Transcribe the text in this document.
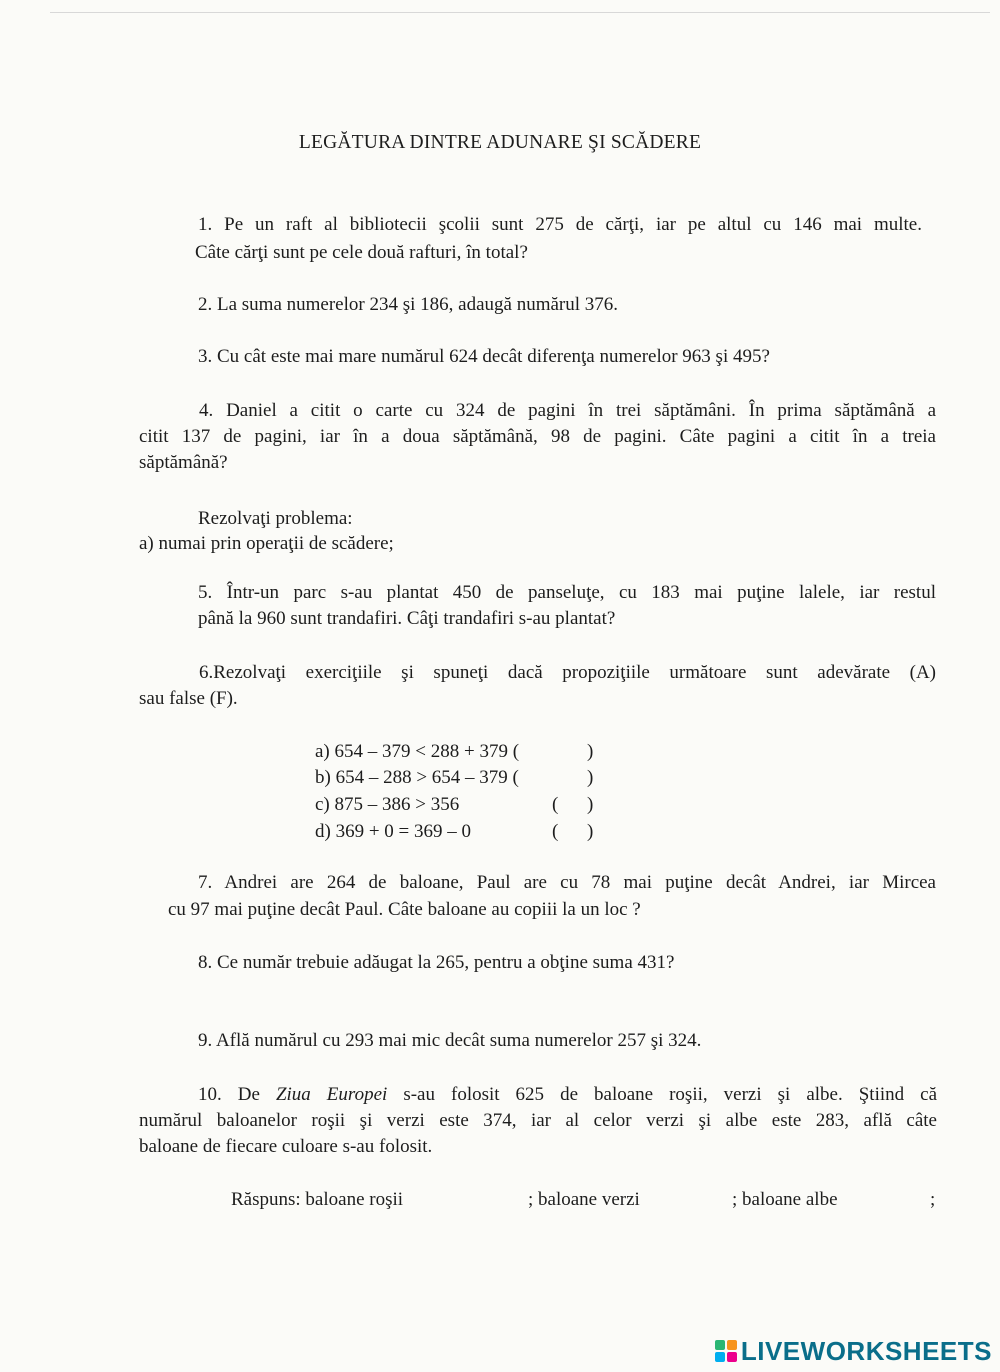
LEGĂTURA DINTRE ADUNARE ŞI SCĂDERE
1. Pe un raft al bibliotecii şcolii sunt 275 de cărţi, iar pe altul cu 146 mai multe.
Câte cărţi sunt pe cele două rafturi, în total?
2. La suma numerelor 234 şi 186, adaugă numărul 376.
3. Cu cât este mai mare numărul 624 decât diferenţa numerelor 963 şi 495?
4. Daniel a citit o carte cu 324 de pagini în trei săptămâni. În prima săptămână a
citit 137 de pagini, iar în a doua săptămână, 98 de pagini. Câte pagini a citit în a treia
săptămână?
Rezolvaţi problema:
a) numai prin operaţii de scădere;
5. Într-un parc s-au plantat 450 de panseluţe, cu 183 mai puţine lalele, iar restul
până la 960 sunt trandafiri. Câţi trandafiri s-au plantat?
6.Rezolvaţi exerciţiile şi spuneţi dacă propoziţiile următoare sunt adevărate (A)
sau false (F).
a) 654 – 379 < 288 + 379 (	)
b) 654 – 288 > 654 – 379 (	)
c) 875 – 386 > 356	( )
d) 369 + 0 = 369 – 0	( )
7. Andrei are 264 de baloane, Paul are cu 78 mai puţine decât Andrei, iar Mircea
cu 97 mai puţine decât Paul. Câte baloane au copiii la un loc ?
8. Ce număr trebuie adăugat la 265, pentru a obţine suma 431?
9. Află numărul cu 293 mai mic decât suma numerelor 257 şi 324.
10. De Ziua Europei s-au folosit 625 de baloane roşii, verzi şi albe. Ştiind că
numărul baloanelor roşii şi verzi este 374, iar al celor verzi şi albe este 283, află câte
baloane de fiecare culoare s-au folosit.
Răspuns: baloane roşii	; baloane verzi	; baloane albe	;
LIVEWORKSHEETS
